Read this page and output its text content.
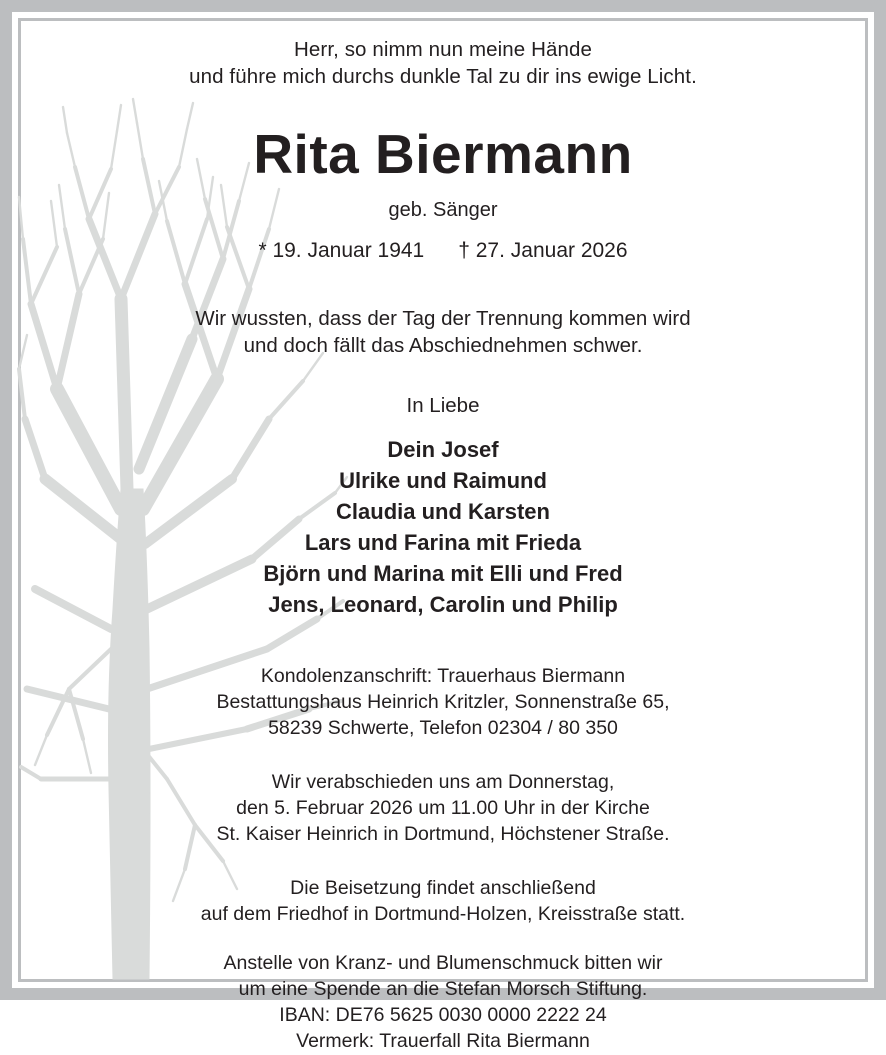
Herr, so nimm nun meine Hände
und führe mich durchs dunkle Tal zu dir ins ewige Licht.
Rita Biermann
geb. Sänger
* 19. Januar 1941 † 27. Januar 2026
Wir wussten, dass der Tag der Trennung kommen wird
und doch fällt das Abschiednehmen schwer.
In Liebe
Dein Josef
Ulrike und Raimund
Claudia und Karsten
Lars und Farina mit Frieda
Björn und Marina mit Elli und Fred
Jens, Leonard, Carolin und Philip
Kondolenzanschrift: Trauerhaus Biermann
Bestattungshaus Heinrich Kritzler, Sonnenstraße 65,
58239 Schwerte, Telefon 02304 / 80 350
Wir verabschieden uns am Donnerstag,
den 5. Februar 2026 um 11.00 Uhr in der Kirche
St. Kaiser Heinrich in Dortmund, Höchstener Straße.
Die Beisetzung findet anschließend
auf dem Friedhof in Dortmund-Holzen, Kreisstraße statt.
Anstelle von Kranz- und Blumenschmuck bitten wir
um eine Spende an die Stefan Morsch Stiftung.
IBAN: DE76 5625 0030 0000 2222 24
Vermerk: Trauerfall Rita Biermann
